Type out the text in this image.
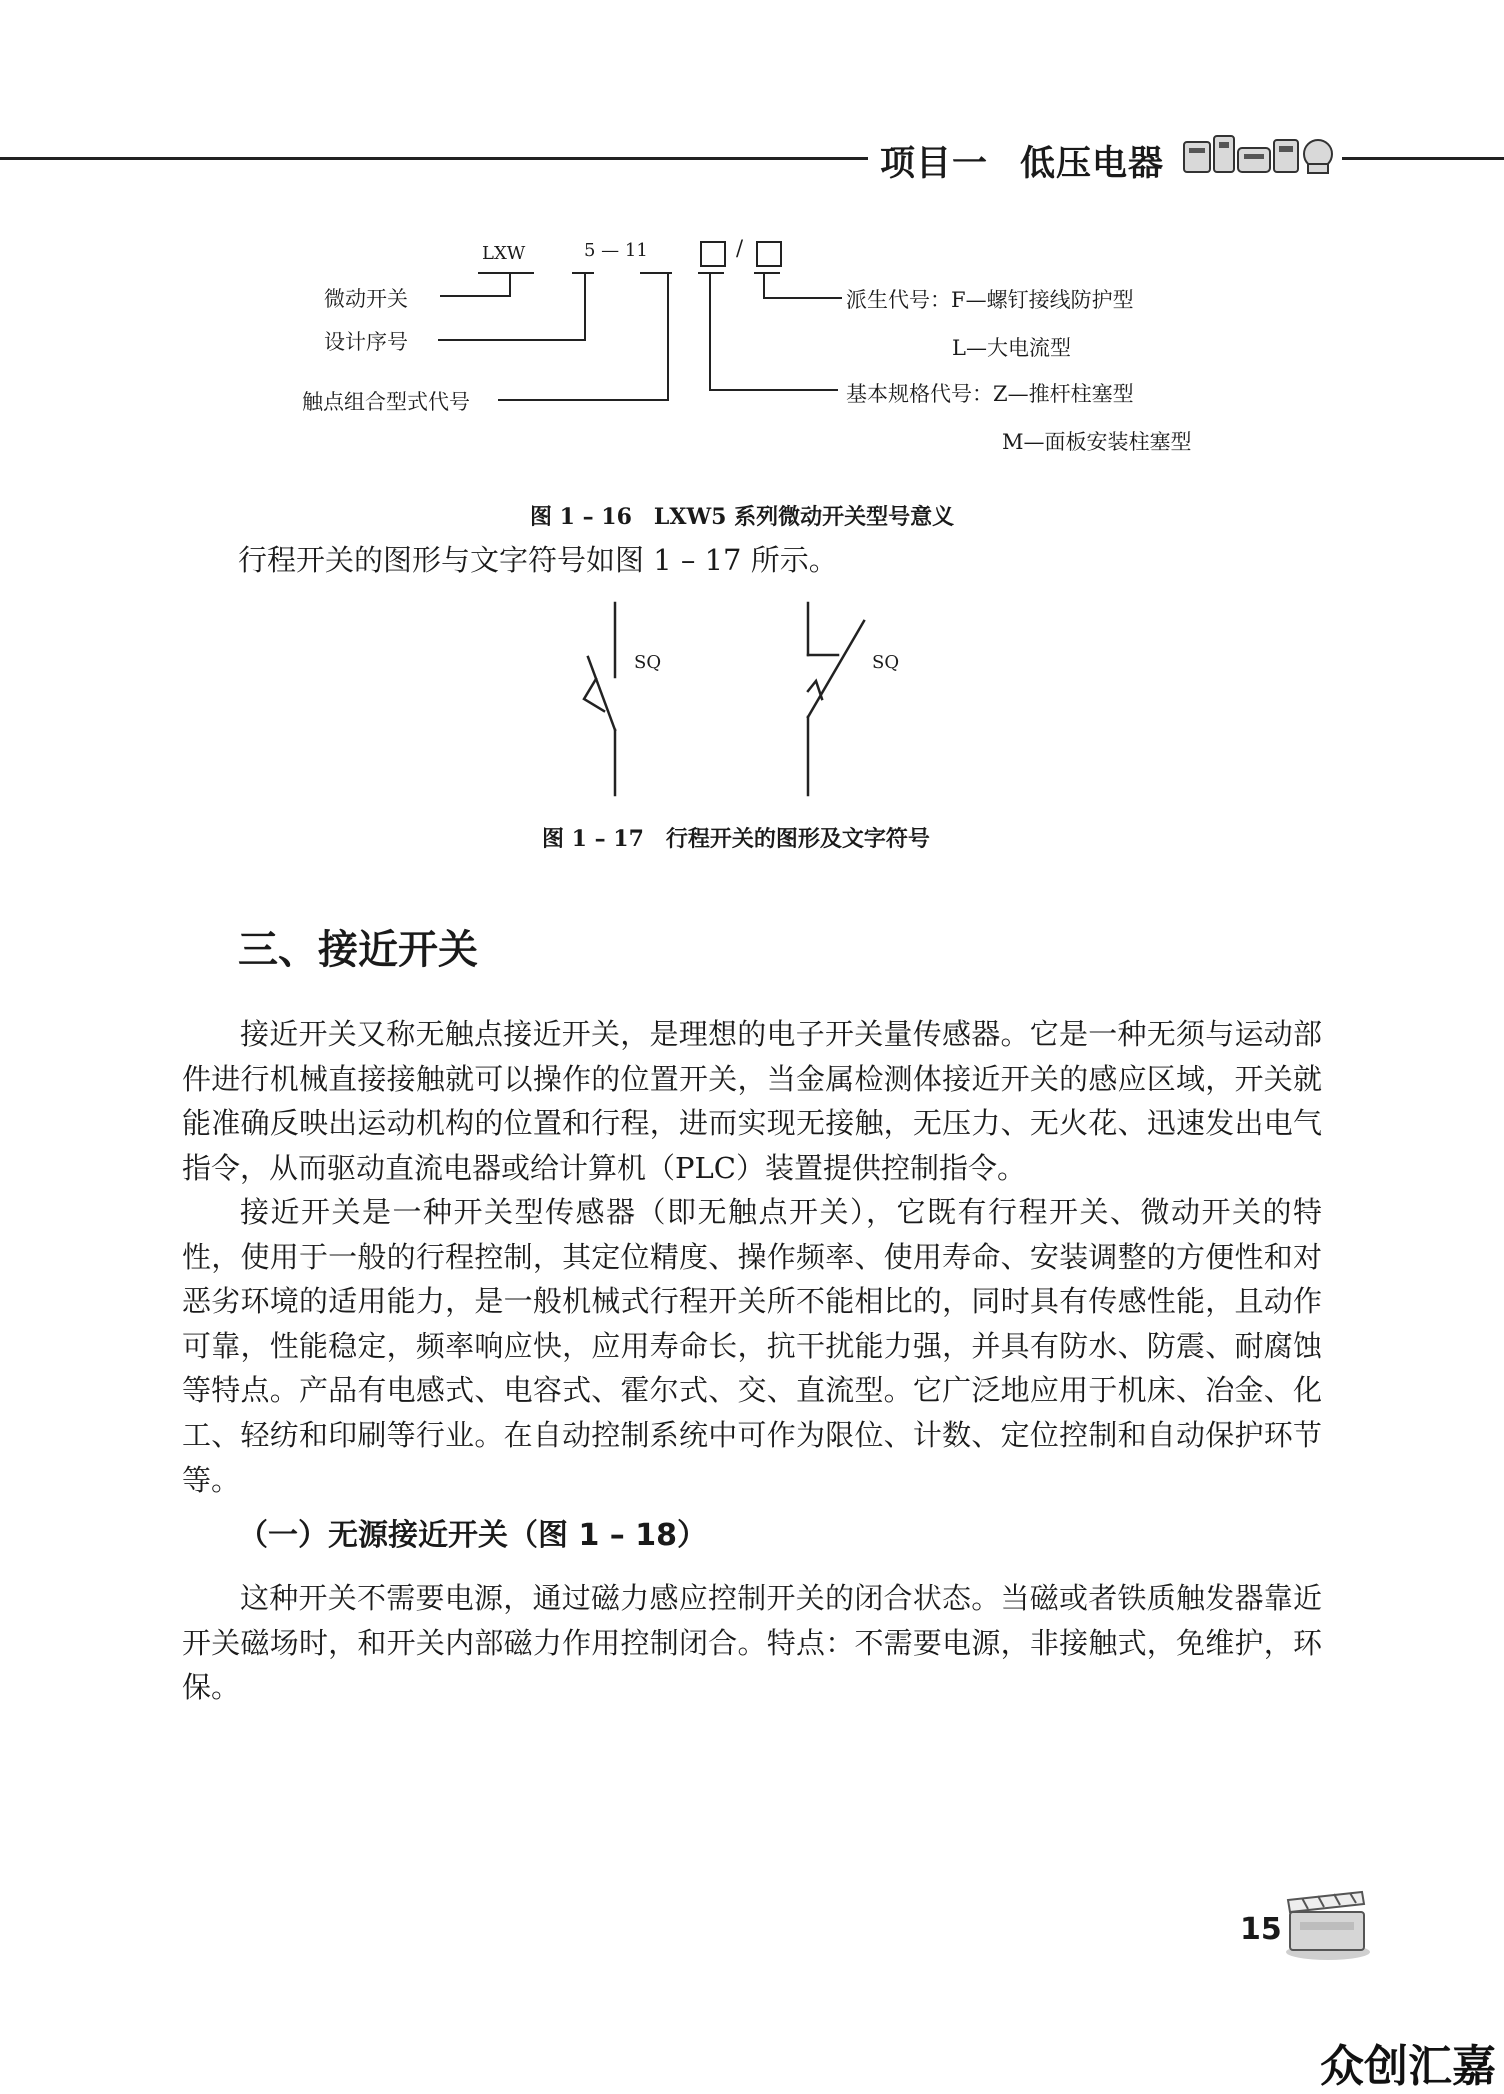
项目一 低压电器
LXW	5 — 11	/
微动开关
设计序号
触点组合型式代号
派生代号：F—螺钉接线防护型
L—大电流型
基本规格代号：Z—推杆柱塞型
M—面板安装柱塞型
图 1 – 16　LXW5 系列微动开关型号意义
行程开关的图形与文字符号如图 1 – 17 所示。
SQ	SQ
图 1 – 17　行程开关的图形及文字符号
三、接近开关

接近开关又称无触点接近开关，是理想的电子开关量传感器。它是一种无须与运动部件进行机械直接接触就可以操作的位置开关，当金属检测体接近开关的感应区域，开关就能准确反映出运动机构的位置和行程，进而实现无接触，无压力、无火花、迅速发出电气指令，从而驱动直流电器或给计算机（PLC）装置提供控制指令。

接近开关是一种开关型传感器（即无触点开关），它既有行程开关、微动开关的特性，使用于一般的行程控制，其定位精度、操作频率、使用寿命、安装调整的方便性和对恶劣环境的适用能力，是一般机械式行程开关所不能相比的，同时具有传感性能，且动作可靠，性能稳定，频率响应快，应用寿命长，抗干扰能力强，并具有防水、防震、耐腐蚀等特点。产品有电感式、电容式、霍尔式、交、直流型。它广泛地应用于机床、冶金、化工、轻纺和印刷等行业。在自动控制系统中可作为限位、计数、定位控制和自动保护环节等。

（一）无源接近开关（图 1 – 18）

这种开关不需要电源，通过磁力感应控制开关的闭合状态。当磁或者铁质触发器靠近开关磁场时，和开关内部磁力作用控制闭合。特点：不需要电源，非接触式，免维护，环保。

15
众创汇嘉
